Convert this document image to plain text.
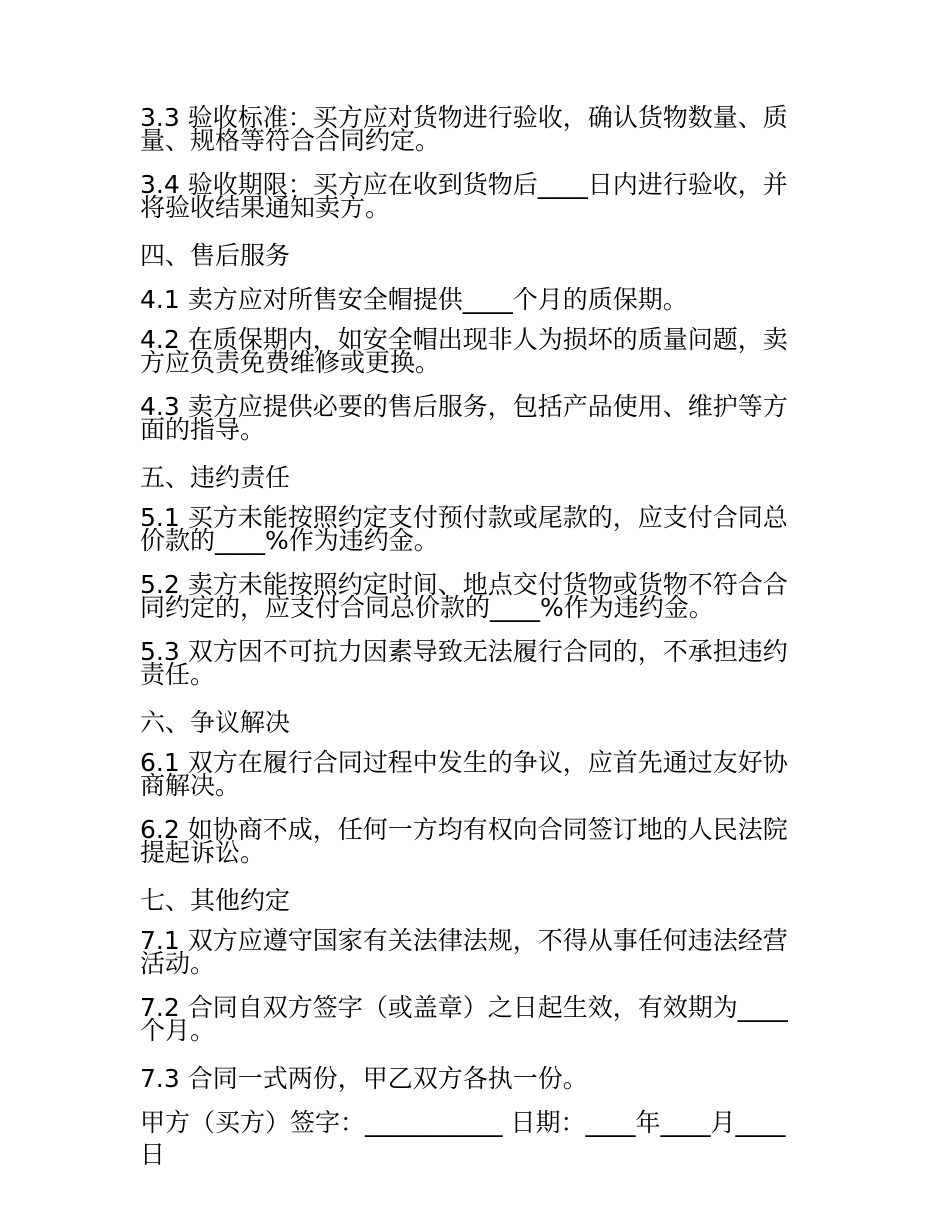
3.3 验收标准：买方应对货物进行验收，确认货物数量、质量、规格等符合合同约定。

3.4 验收期限：买方应在收到货物后____日内进行验收，并将验收结果通知卖方。

四、售后服务

4.1 卖方应对所售安全帽提供____个月的质保期。

4.2 在质保期内，如安全帽出现非人为损坏的质量问题，卖方应负责免费维修或更换。

4.3 卖方应提供必要的售后服务，包括产品使用、维护等方面的指导。

五、违约责任

5.1 买方未能按照约定支付预付款或尾款的，应支付合同总价款的____%作为违约金。

5.2 卖方未能按照约定时间、地点交付货物或货物不符合合同约定的，应支付合同总价款的____%作为违约金。

5.3 双方因不可抗力因素导致无法履行合同的，不承担违约责任。

六、争议解决

6.1 双方在履行合同过程中发生的争议，应首先通过友好协商解决。

6.2 如协商不成，任何一方均有权向合同签订地的人民法院提起诉讼。

七、其他约定

7.1 双方应遵守国家有关法律法规，不得从事任何违法经营活动。

7.2 合同自双方签字（或盖章）之日起生效，有效期为____个月。

7.3 合同一式两份，甲乙双方各执一份。

甲方（买方）签字：___________ 日期：____年____月____日
